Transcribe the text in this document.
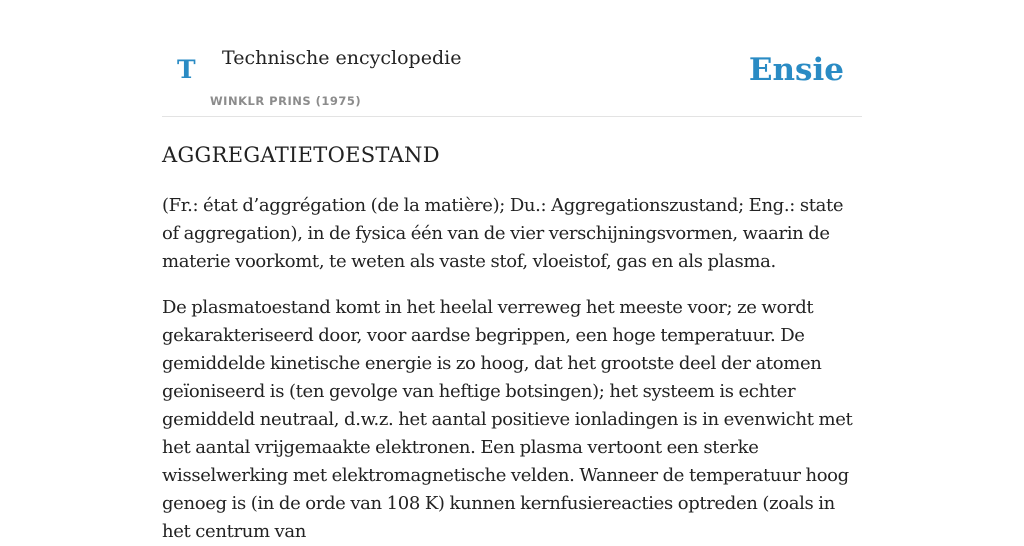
T Technische encyclopedie
WINKLR PRINS (1975)
Ensie
AGGREGATIETOESTAND

(Fr.: état d’aggrégation (de la matière); Du.: Aggregationszustand; Eng.: state of aggregation), in de fysica één van de vier verschijningsvormen, waarin de materie voorkomt, te weten als vaste stof, vloeistof, gas en als plasma.

De plasmatoestand komt in het heelal verreweg het meeste voor; ze wordt gekarakteriseerd door, voor aardse begrippen, een hoge temperatuur. De gemiddelde kinetische energie is zo hoog, dat het grootste deel der atomen geïoniseerd is (ten gevolge van heftige botsingen); het systeem is echter gemiddeld neutraal, d.w.z. het aantal positieve ionladingen is in evenwicht met het aantal vrijgemaakte elektronen. Een plasma vertoont een sterke wisselwerking met elektromagnetische velden. Wanneer de temperatuur hoog genoeg is (in de orde van 108 K) kunnen kernfusiereacties optreden (zoals in het centrum van
